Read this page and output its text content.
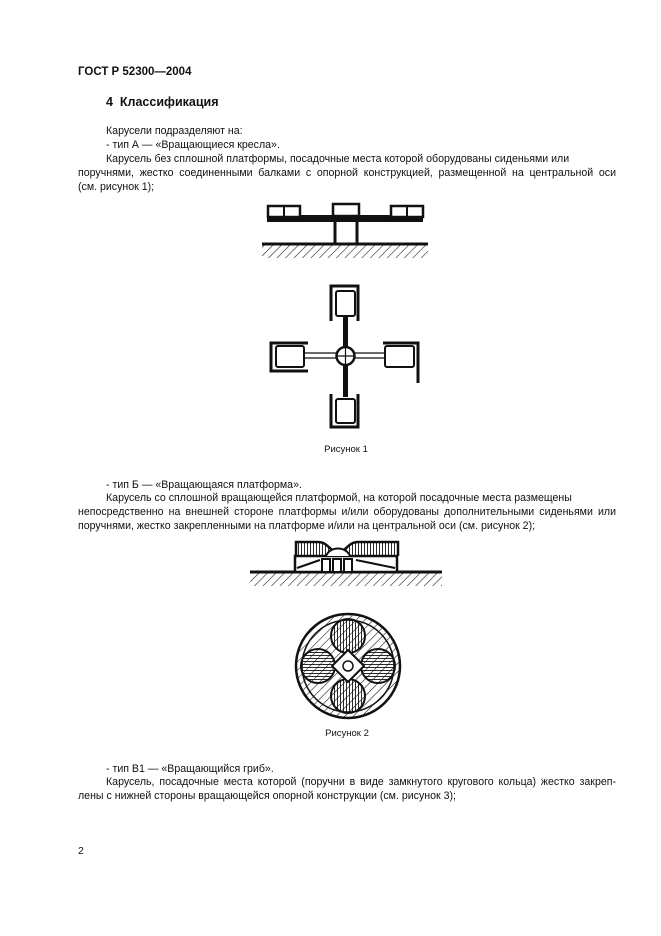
ГОСТ Р 52300—2004
4 Классификация
Карусели подразделяют на:
- тип А — «Вращающиеся кресла».
Карусель без сплошной платформы, посадочные места которой оборудованы сиденьями или
поручнями, жестко соединенными балками с опорной конструкцией, размещенной на центральной оси
(см. рисунок 1);
Рисунок 1
- тип Б — «Вращающаяся платформа».
Карусель со сплошной вращающейся платформой, на которой посадочные места размещены
непосредственно на внешней стороне платформы и/или оборудованы дополнительными сиденьями или
поручнями, жестко закрепленными на платформе и/или на центральной оси (см. рисунок 2);
Рисунок 2
- тип В1 — «Вращающийся гриб».
Карусель, посадочные места которой (поручни в виде замкнутого кругового кольца) жестко закреп-
лены с нижней стороны вращающейся опорной конструкции (см. рисунок 3);
2
